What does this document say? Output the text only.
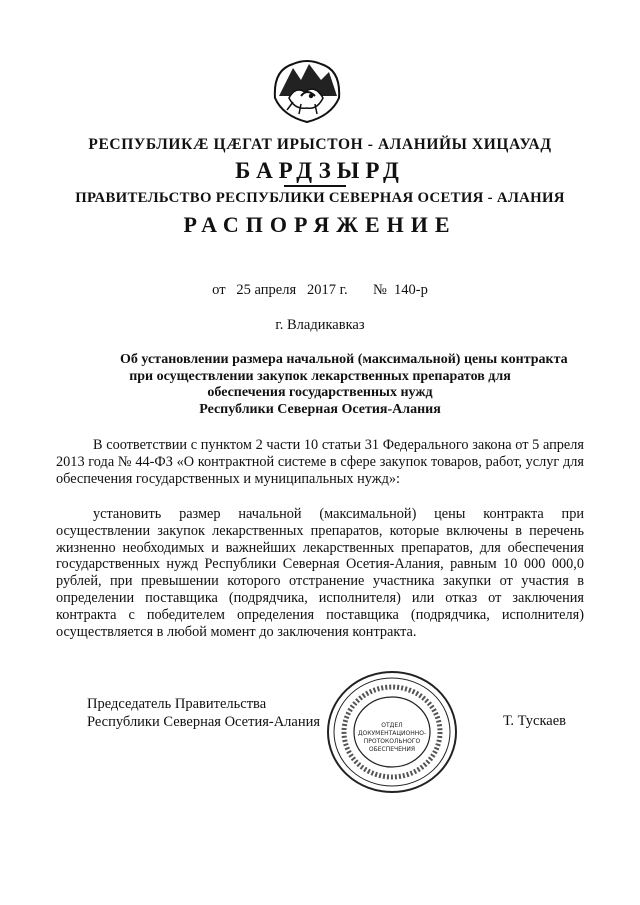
РЕСПУБЛИКÆ ЦÆГАТ ИРЫСТОН - АЛАНИЙЫ ХИЦАУАД
БАРДЗЫРД
ПРАВИТЕЛЬСТВО РЕСПУБЛИКИ СЕВЕРНАЯ ОСЕТИЯ - АЛАНИЯ
РАСПОРЯЖЕНИЕ
от   25 апреля   2017 г.       №  140-р
г. Владикавказ
Об установлении размера начальной (максимальной) цены контракта
при осуществлении закупок лекарственных препаратов для
обеспечения государственных нужд
Республики Северная Осетия-Алания
В соответствии с пунктом 2 части 10 статьи 31 Федерального закона от 5 апреля 2013 года № 44-ФЗ «О контрактной системе в сфере закупок товаров, работ, услуг для обеспечения государственных и муниципальных нужд»:
установить размер начальной (максимальной) цены контракта при осуществлении закупок лекарственных препаратов, которые включены в перечень жизненно необходимых и важнейших лекарственных препаратов, для обеспечения государственных нужд Республики Северная Осетия-Алания, равным 10 000 000,0 рублей, при превышении которого отстранение участника закупки от участия в определении поставщика (подрядчика, исполнителя) или отказ от заключения контракта с победителем определения поставщика (подрядчика, исполнителя) осуществляется в любой момент до заключения контракта.
Председатель Правительства
Республики Северная Осетия-Алания	ОТДЕЛ
ДОКУМЕНТАЦИОННО-
ПРОТОКОЛЬНОГО
ОБЕСПЕЧЕНИЯ
Т. Тускаев
